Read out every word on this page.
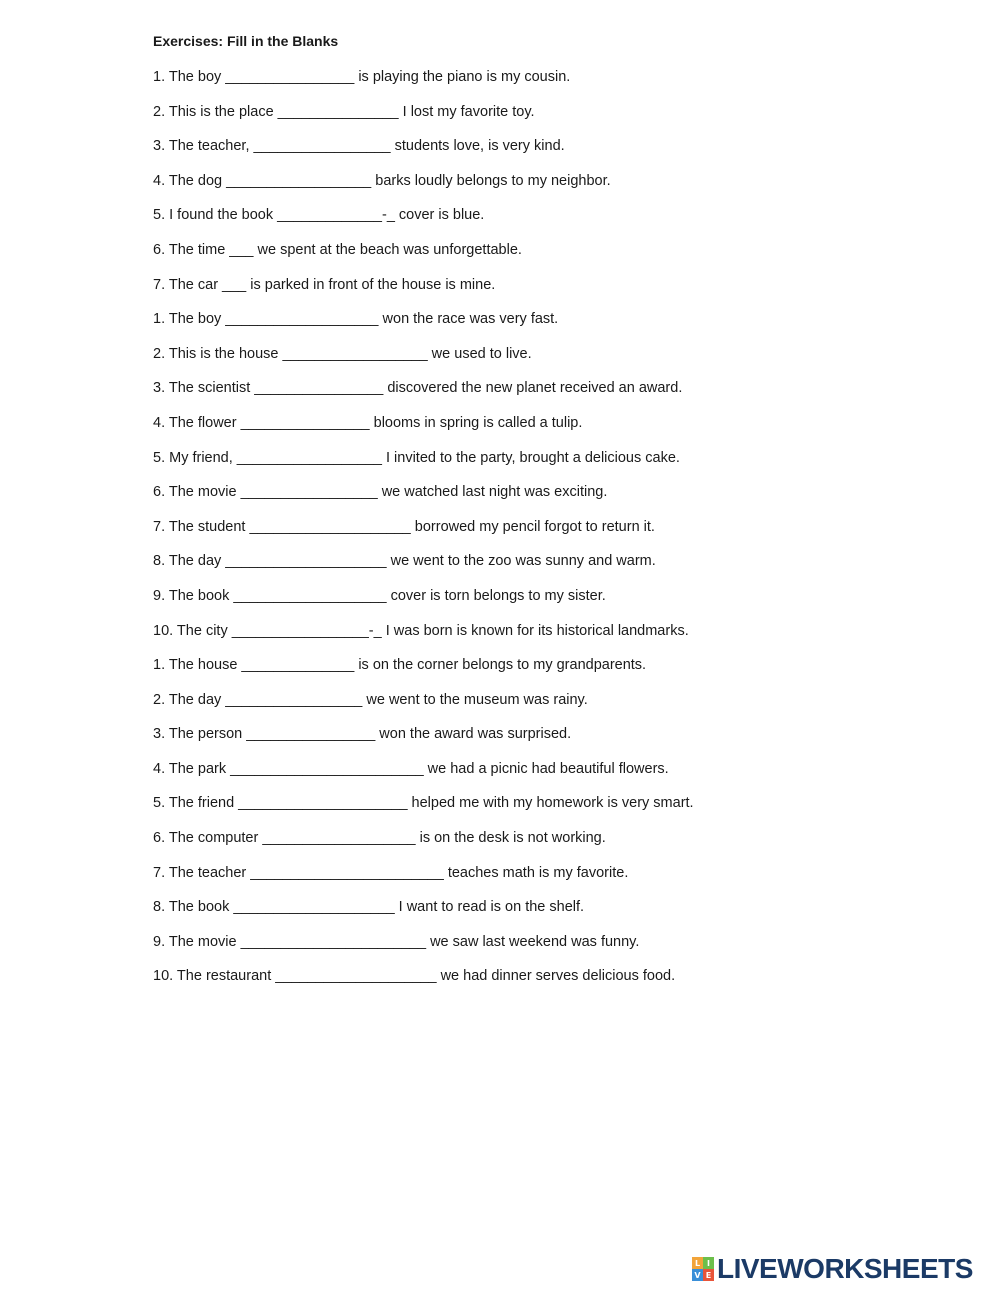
Exercises: Fill in the Blanks
1. The boy ________________ is playing the piano is my cousin.
2. This is the place _______________ I lost my favorite toy.
3. The teacher, _________________ students love, is very kind.
4. The dog __________________ barks loudly belongs to my neighbor.
5. I found the book _____________-_ cover is blue.
6. The time ___ we spent at the beach was unforgettable.
7. The car ___ is parked in front of the house is mine.
1. The boy ___________________ won the race was very fast.
2. This is the house __________________ we used to live.
3. The scientist ________________ discovered the new planet received an award.
4. The flower ________________ blooms in spring is called a tulip.
5. My friend, __________________ I invited to the party, brought a delicious cake.
6. The movie _________________ we watched last night was exciting.
7. The student ____________________ borrowed my pencil forgot to return it.
8. The day ____________________ we went to the zoo was sunny and warm.
9. The book ___________________ cover is torn belongs to my sister.
10. The city _________________-_ I was born is known for its historical landmarks.
1. The house ______________ is on the corner belongs to my grandparents.
2. The day _________________ we went to the museum was rainy.
3. The person ________________ won the award was surprised.
4. The park ________________________ we had a picnic had beautiful flowers.
5. The friend _____________________ helped me with my homework is very smart.
6. The computer ___________________ is on the desk is not working.
7. The teacher ________________________ teaches math is my favorite.
8. The book ____________________ I want to read is on the shelf.
9. The movie _______________________ we saw last weekend was funny.
10. The restaurant ____________________ we had dinner serves delicious food.
L I
V E LIVEWORKSHEETS
